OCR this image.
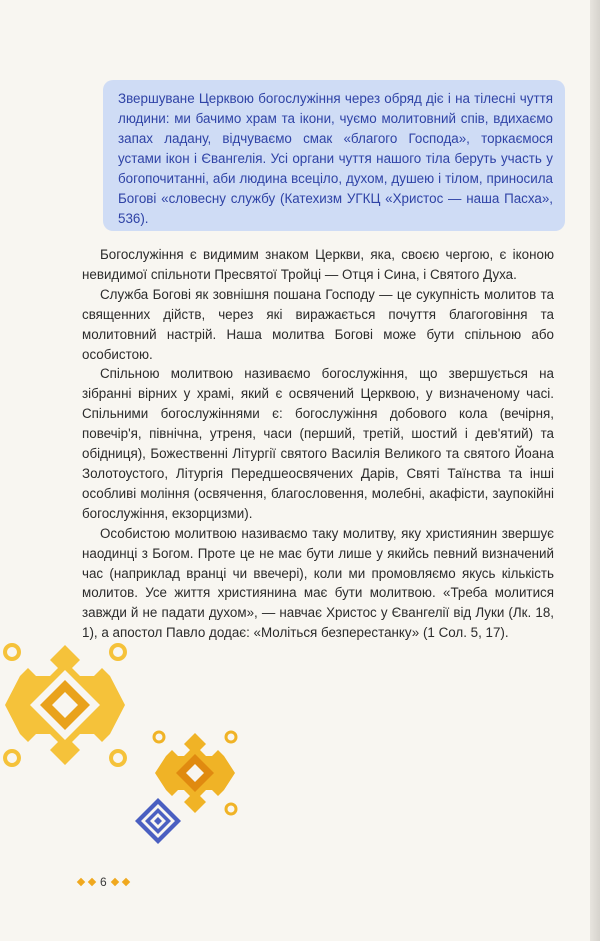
Звершуване Церквою богослужіння через обряд діє і на тілесні чуття людини: ми бачимо храм та ікони, чуємо молитовний спів, вдихаємо запах ладану, відчуваємо смак «благого Господа», торкаємося устами ікон і Євангелія. Усі органи чуття нашого тіла беруть участь у богопочитанні, аби людина всеціло, духом, душею і тілом, приносила Богові «словесну службу (Катехизм УГКЦ «Христос — наша Пасха», 536).

Богослужіння є видимим знаком Церкви, яка, своєю чергою, є іконою невидимої спільноти Пресвятої Тройці — Отця і Сина, і Святого Духа.

Служба Богові як зовнішня пошана Господу — це сукупність молитов та священних дійств, через які виражається почуття благоговіння та молитовний настрій. Наша молитва Богові може бути спільною або особистою.

Спільною молитвою називаємо богослужіння, що звершується на зібранні вірних у храмі, який є освячений Церквою, у визначеному часі. Спільними богослужіннями є: богослужіння добового кола (вечірня, повечір'я, північна, утреня, часи (перший, третій, шостий і дев'ятий) та обідниця), Божественні Літургії святого Василія Великого та святого Йоана Золотоустого, Літургія Передшеосвячених Дарів, Святі Таїнства та інші особливі моління (освячення, благословення, молебні, акафісти, заупокійні богослужіння, екзорцизми).

Особистою молитвою називаємо таку молитву, яку християнин звершує наодинці з Богом. Проте це не має бути лише у якийсь певний визначений час (наприклад вранці чи ввечері), коли ми промовляємо якусь кількість молитов. Усе життя християнина має бути молитвою. «Треба молитися завжди й не падати духом», — навчає Христос у Євангелії від Луки (Лк. 18, 1), а апостол Павло додає: «Моліться безперестанку» (1 Сол. 5, 17).

6
